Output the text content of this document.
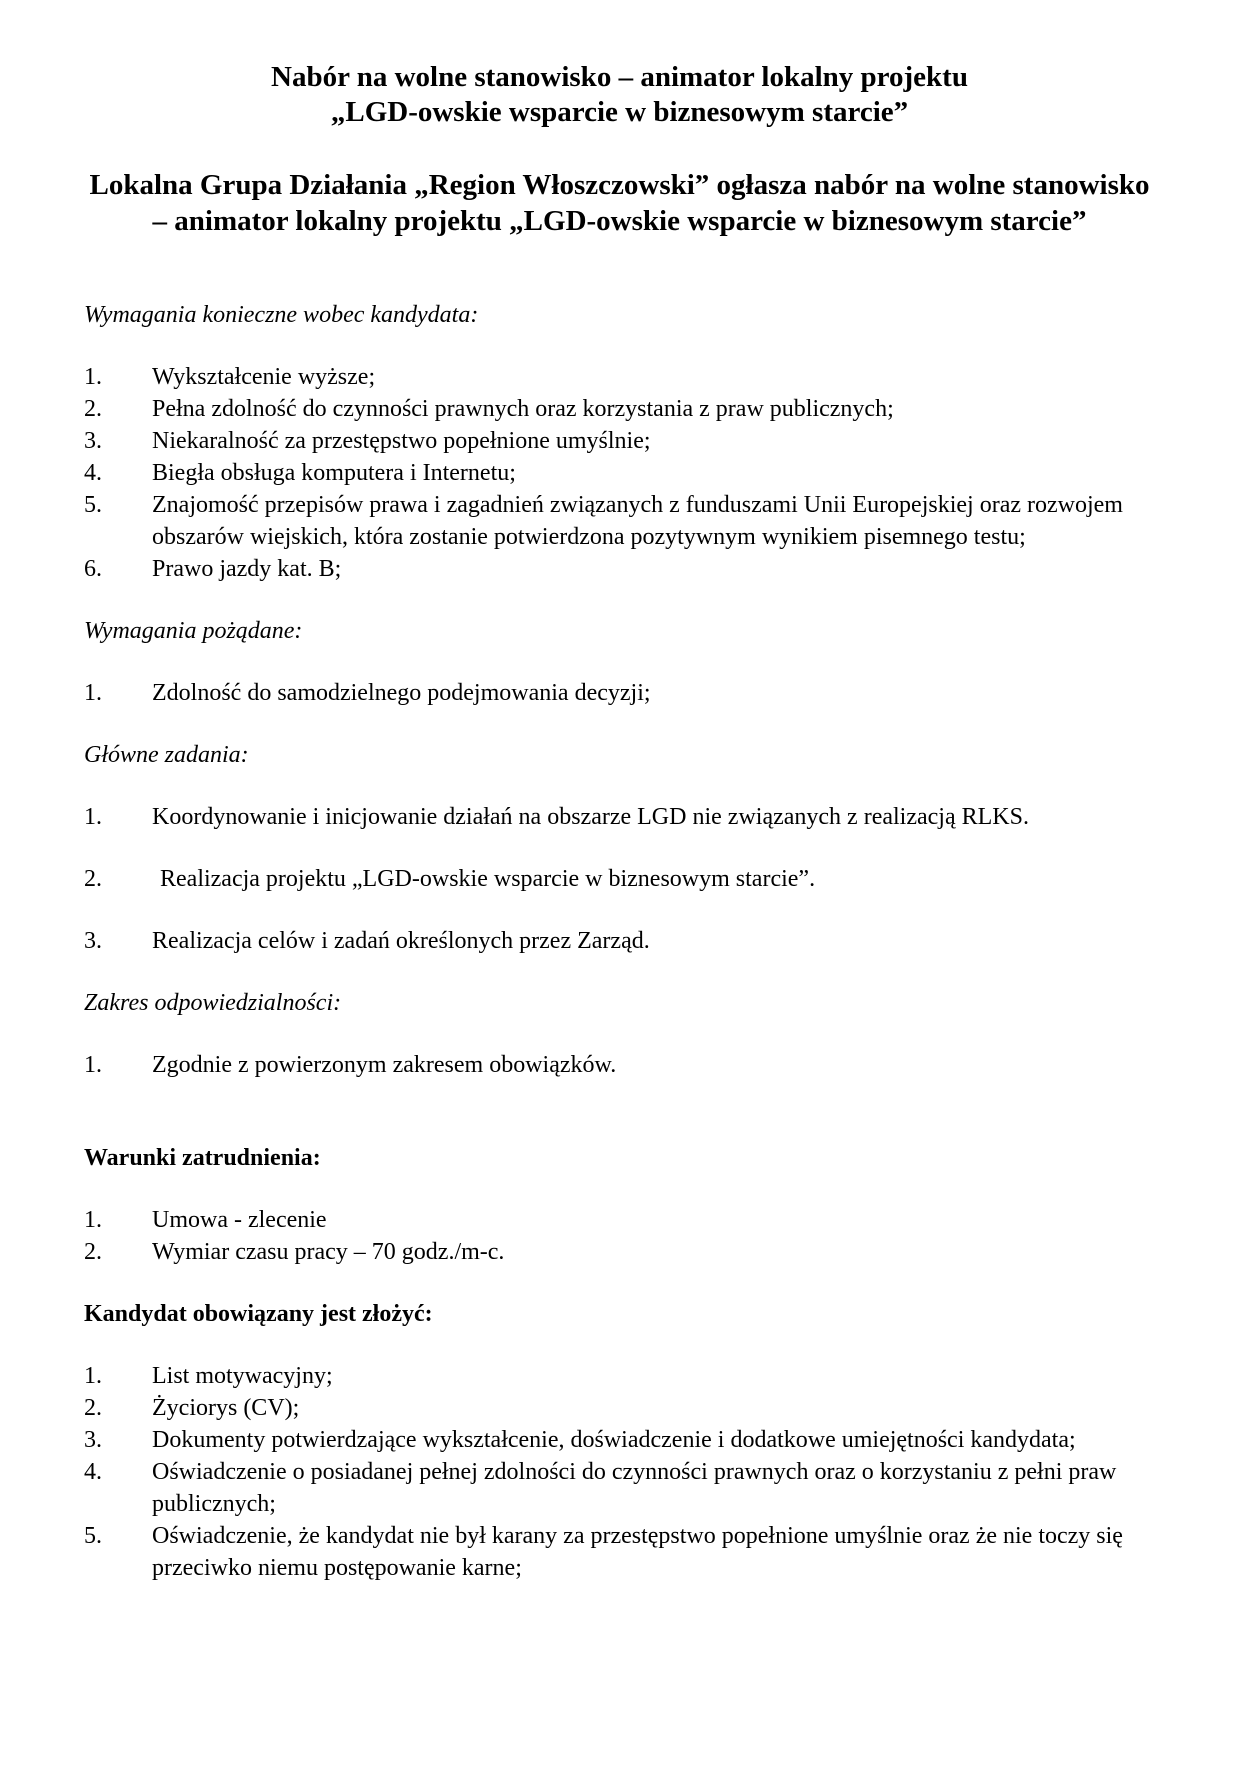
Nabór na wolne stanowisko – animator lokalny projektu
„LGD-owskie wsparcie w biznesowym starcie”
Lokalna Grupa Działania „Region Włoszczowski” ogłasza nabór na wolne stanowisko – animator lokalny projektu „LGD-owskie wsparcie w biznesowym starcie”
Wymagania konieczne wobec kandydata:
1.	Wykształcenie wyższe;
2.	Pełna zdolność do czynności prawnych oraz korzystania z praw publicznych;
3.	Niekaralność za przestępstwo popełnione umyślnie;
4.	Biegła obsługa komputera i Internetu;
5.	Znajomość przepisów prawa i zagadnień związanych z funduszami Unii Europejskiej oraz rozwojem obszarów wiejskich, która zostanie potwierdzona pozytywnym wynikiem pisemnego testu;
6.	Prawo jazdy kat. B;
Wymagania pożądane:
1.	Zdolność do samodzielnego podejmowania decyzji;
Główne zadania:
1.	Koordynowanie i inicjowanie działań na obszarze LGD nie związanych z realizacją RLKS.
2.	Realizacja projektu „LGD-owskie wsparcie w biznesowym starcie”.
3.	Realizacja celów i zadań określonych przez Zarząd.
Zakres odpowiedzialności:
1.	Zgodnie z powierzonym zakresem obowiązków.
Warunki zatrudnienia:
1.	Umowa - zlecenie
2.	Wymiar czasu pracy – 70 godz./m-c.
Kandydat obowiązany jest złożyć:
1.	List motywacyjny;
2.	Życiorys (CV);
3.	Dokumenty potwierdzające wykształcenie, doświadczenie i dodatkowe umiejętności kandydata;
4.	Oświadczenie o posiadanej pełnej zdolności do czynności prawnych oraz o korzystaniu z pełni praw publicznych;
5.	Oświadczenie, że kandydat nie był karany za przestępstwo popełnione umyślnie oraz że nie toczy się przeciwko niemu postępowanie karne;
